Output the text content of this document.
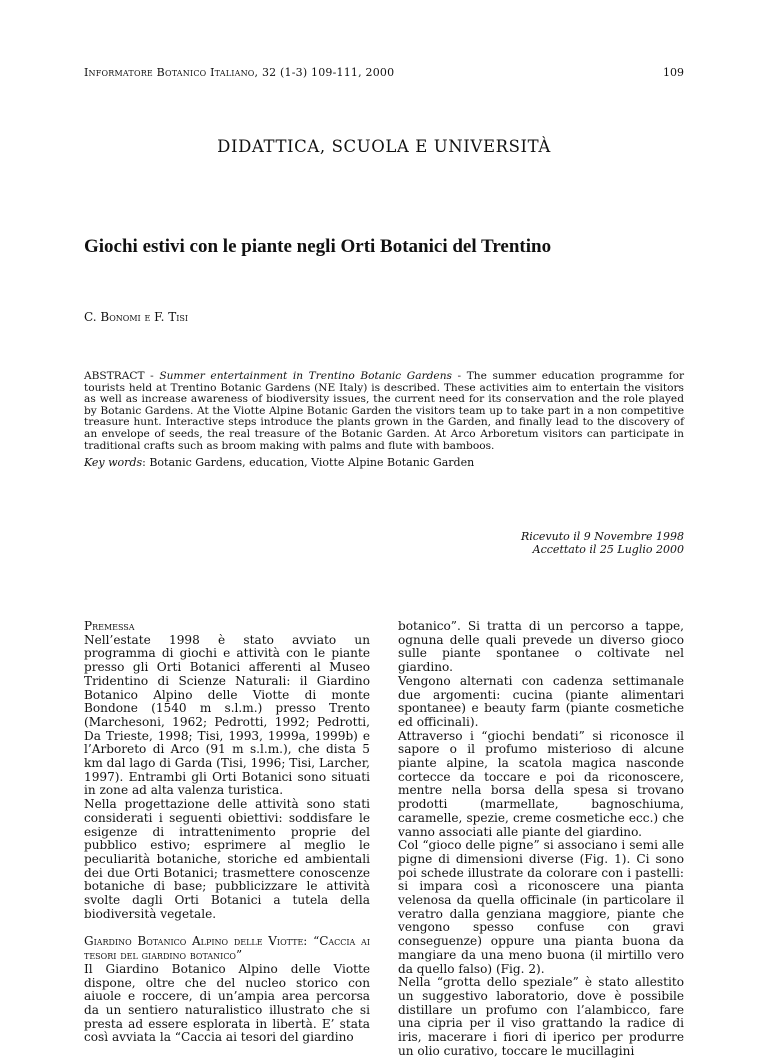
Informatore Botanico Italiano, 32 (1-3) 109-111, 2000	109
DIDATTICA, SCUOLA E UNIVERSITÀ
Giochi estivi con le piante negli Orti Botanici del Trentino
C. Bonomi e F. Tisi
ABSTRACT - Summer entertainment in Trentino Botanic Gardens - The summer education programme for tourists held at Trentino Botanic Gardens (NE Italy) is described. These activities aim to entertain the visitors as well as increase awareness of biodiversity issues, the current need for its conservation and the role played by Botanic Gardens. At the Viotte Alpine Botanic Garden the visitors team up to take part in a non competitive treasure hunt. Interactive steps introduce the plants grown in the Garden, and finally lead to the discovery of an envelope of seeds, the real treasure of the Botanic Garden. At Arco Arboretum visitors can participate in traditional crafts such as broom making with palms and flute with bamboos.
Key words: Botanic Gardens, education, Viotte Alpine Botanic Garden
Ricevuto il 9 Novembre 1998
Accettato il 25 Luglio 2000
Premessa

Nell’estate 1998 è stato avviato un programma di giochi e attività con le piante presso gli Orti Botanici afferenti al Museo Tridentino di Scienze Naturali: il Giardino Botanico Alpino delle Viotte di monte Bondone (1540 m s.l.m.) presso Trento (Marchesoni, 1962; Pedrotti, 1992; Pedrotti, Da Trieste, 1998; Tisi, 1993, 1999a, 1999b) e l’Arboreto di Arco (91 m s.l.m.), che dista 5 km dal lago di Garda (Tisi, 1996; Tisi, Larcher, 1997). Entrambi gli Orti Botanici sono situati in zone ad alta valenza turistica.

Nella progettazione delle attività sono stati considerati i seguenti obiettivi: soddisfare le esigenze di intrattenimento proprie del pubblico estivo; esprimere al meglio le peculiarità botaniche, storiche ed ambientali dei due Orti Botanici; trasmettere conoscenze botaniche di base; pubblicizzare le attività svolte dagli Orti Botanici a tutela della biodiversità vegetale.

Giardino Botanico Alpino delle Viotte: “Caccia ai tesori del giardino botanico”

Il Giardino Botanico Alpino delle Viotte dispone, oltre che del nucleo storico con aiuole e roccere, di un’ampia area percorsa da un sentiero naturalistico illustrato che si presta ad essere esplorata in libertà. E’ stata così avviata la “Caccia ai tesori del giardino

botanico”. Si tratta di un percorso a tappe, ognuna delle quali prevede un diverso gioco sulle piante spontanee o coltivate nel giardino.

Vengono alternati con cadenza settimanale due argomenti: cucina (piante alimentari spontanee) e beauty farm (piante cosmetiche ed officinali).

Attraverso i “giochi bendati” si riconosce il sapore o il profumo misterioso di alcune piante alpine, la scatola magica nasconde cortecce da toccare e poi da riconoscere, mentre nella borsa della spesa si trovano prodotti (marmellate, bagnoschiuma, caramelle, spezie, creme cosmetiche ecc.) che vanno associati alle piante del giardino.

Col “gioco delle pigne” si associano i semi alle pigne di dimensioni diverse (Fig. 1). Ci sono poi schede illustrate da colorare con i pastelli: si impara così a riconoscere una pianta velenosa da quella officinale (in particolare il veratro dalla genziana maggiore, piante che vengono spesso confuse con gravi conseguenze) oppure una pianta buona da mangiare da una meno buona (il mirtillo vero da quello falso) (Fig. 2).

Nella “grotta dello speziale” è stato allestito un suggestivo laboratorio, dove è possibile distillare un profumo con l’alambicco, fare una cipria per il viso grattando la radice di iris, macerare i fiori di iperico per produrre un olio curativo, toccare le mucillagini
